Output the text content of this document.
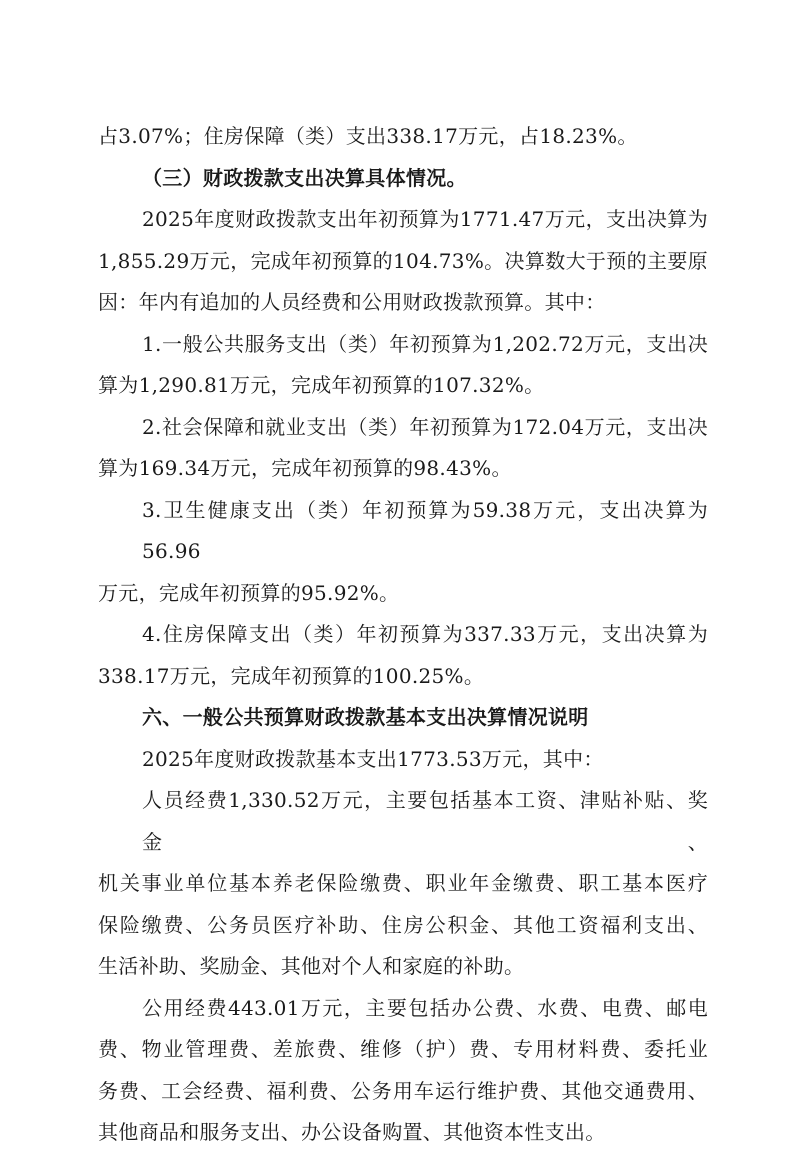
占3.07%；住房保障（类）支出338.17万元，占18.23%。
（三）财政拨款支出决算具体情况。
2025年度财政拨款支出年初预算为1771.47万元，支出决算为
1,855.29万元，完成年初预算的104.73%。决算数大于预的主要原
因：年内有追加的人员经费和公用财政拨款预算。其中：
1.一般公共服务支出（类）年初预算为1,202.72万元，支出决
算为1,290.81万元，完成年初预算的107.32%。
2.社会保障和就业支出（类）年初预算为172.04万元，支出决
算为169.34万元，完成年初预算的98.43%。
3.卫生健康支出（类）年初预算为59.38万元，支出决算为56.96
万元，完成年初预算的95.92%。
4.住房保障支出（类）年初预算为337.33万元，支出决算为
338.17万元，完成年初预算的100.25%。
六、一般公共预算财政拨款基本支出决算情况说明
2025年度财政拨款基本支出1773.53万元，其中：
人员经费1,330.52万元，主要包括基本工资、津贴补贴、奖金、
机关事业单位基本养老保险缴费、职业年金缴费、职工基本医疗
保险缴费、公务员医疗补助、住房公积金、其他工资福利支出、
生活补助、奖励金、其他对个人和家庭的补助。
公用经费443.01万元，主要包括办公费、水费、电费、邮电
费、物业管理费、差旅费、维修（护）费、专用材料费、委托业
务费、工会经费、福利费、公务用车运行维护费、其他交通费用、
其他商品和服务支出、办公设备购置、其他资本性支出。
